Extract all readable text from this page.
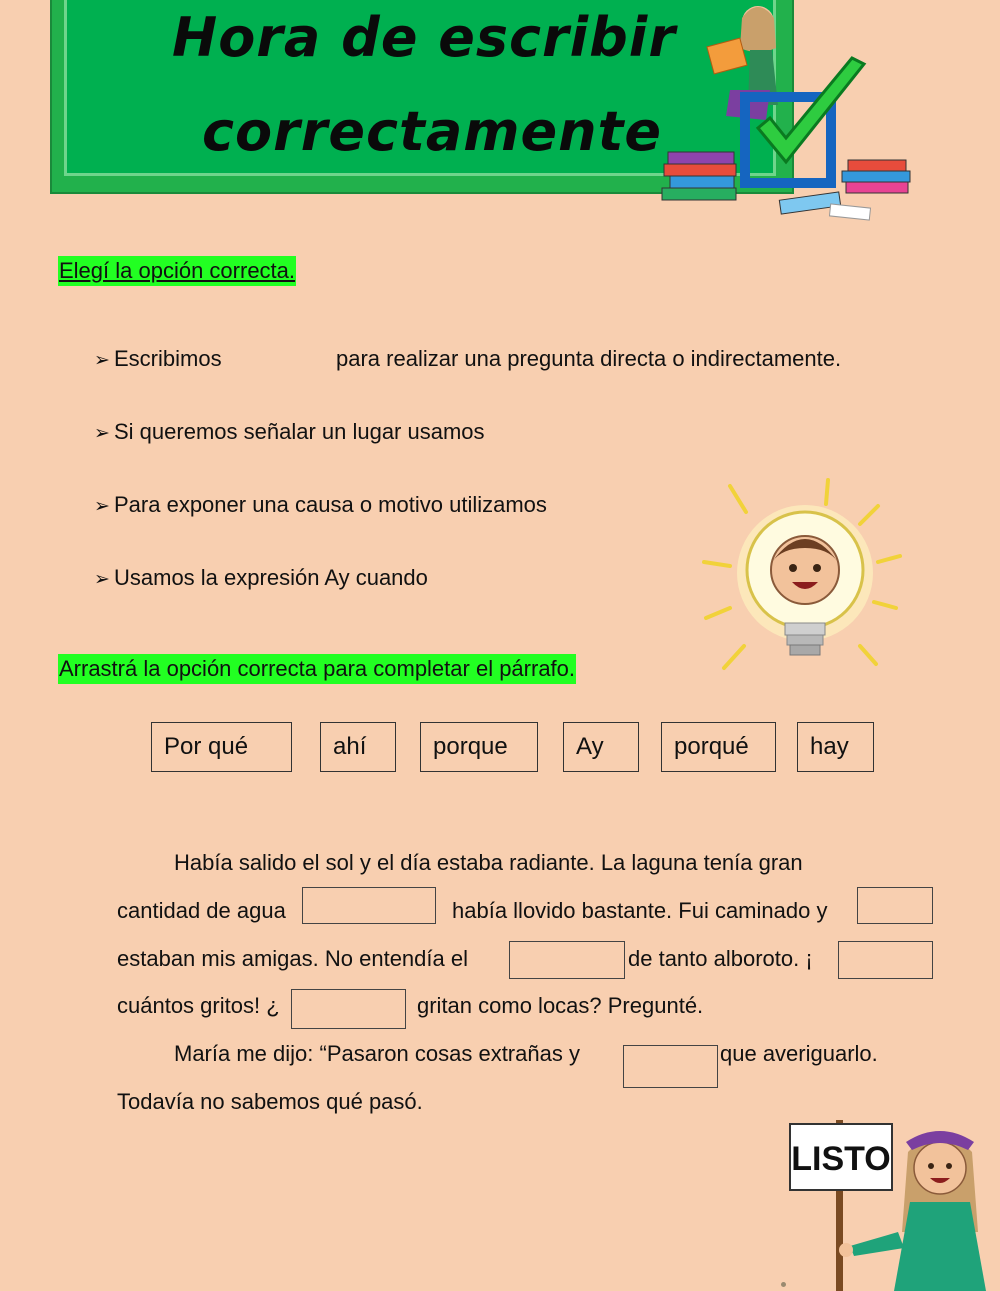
Hora de escribir
correctamente
Elegí la opción correcta.
➢ Escribimos	para realizar una pregunta directa o indirectamente.
➢ Si queremos señalar un lugar usamos
➢ Para exponer una causa o motivo utilizamos
➢ Usamos la expresión Ay cuando
Arrastrá la opción correcta para completar el párrafo.
Por qué	ahí	porque	Ay	porqué	hay
Había salido el sol y el día estaba radiante. La laguna tenía gran
cantidad de agua	había llovido bastante. Fui caminado y
estaban mis amigas. No entendía el	de tanto alboroto. ¡
cuántos gritos! ¿	gritan como locas? Pregunté.
María me dijo: “Pasaron cosas extrañas y	que averiguarlo.
Todavía no sabemos qué pasó.
LISTO
